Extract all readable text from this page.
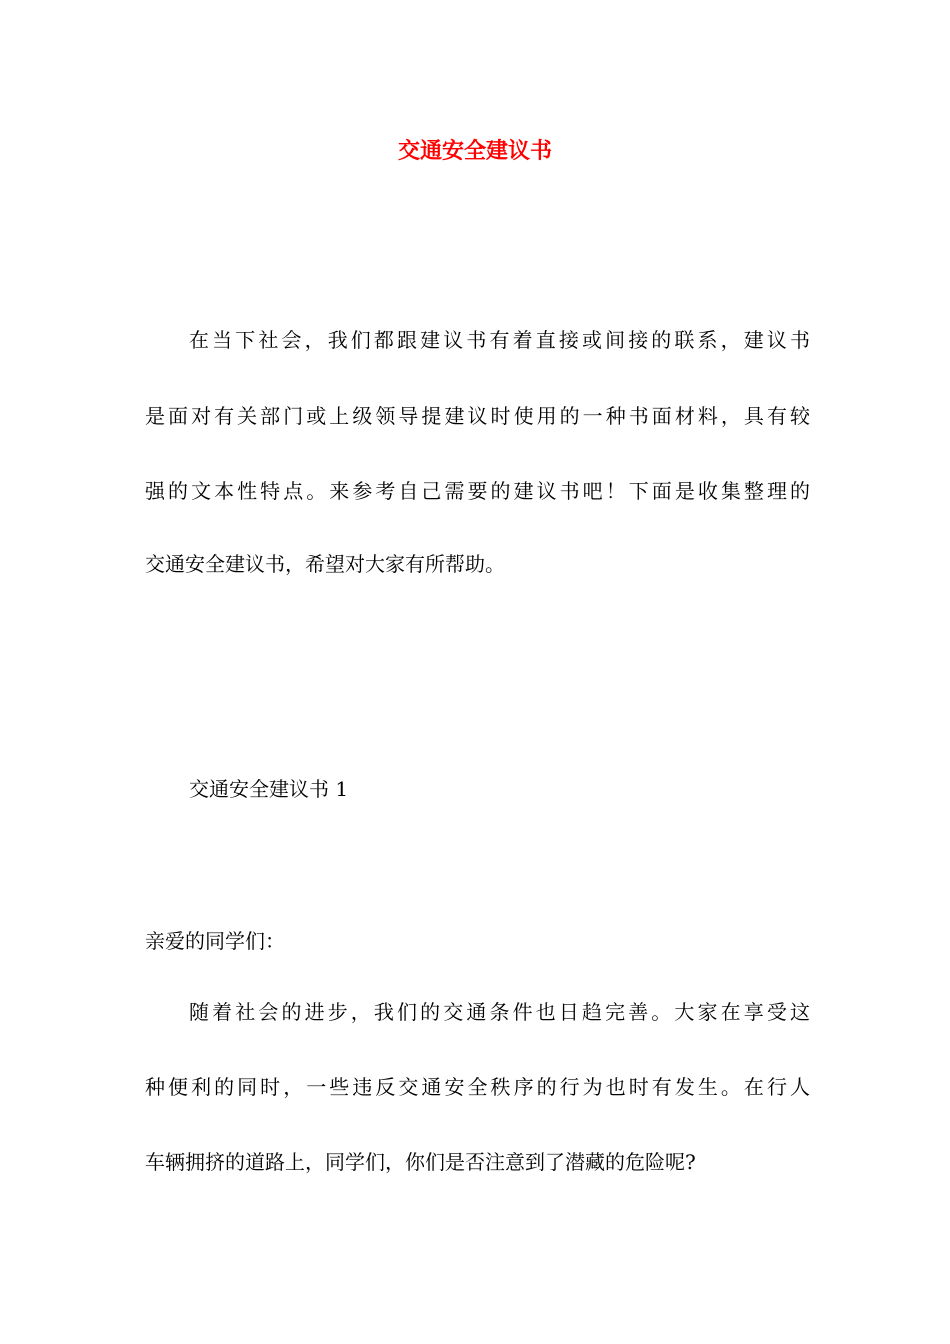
交通安全建议书
在当下社会，我们都跟建议书有着直接或间接的联系，建议书
是面对有关部门或上级领导提建议时使用的一种书面材料，具有较
强的文本性特点。来参考自己需要的建议书吧！下面是收集整理的
交通安全建议书，希望对大家有所帮助。
交通安全建议书 1
亲爱的同学们：
随着社会的进步，我们的交通条件也日趋完善。大家在享受这
种便利的同时，一些违反交通安全秩序的行为也时有发生。在行人
车辆拥挤的道路上，同学们，你们是否注意到了潜藏的危险呢?
